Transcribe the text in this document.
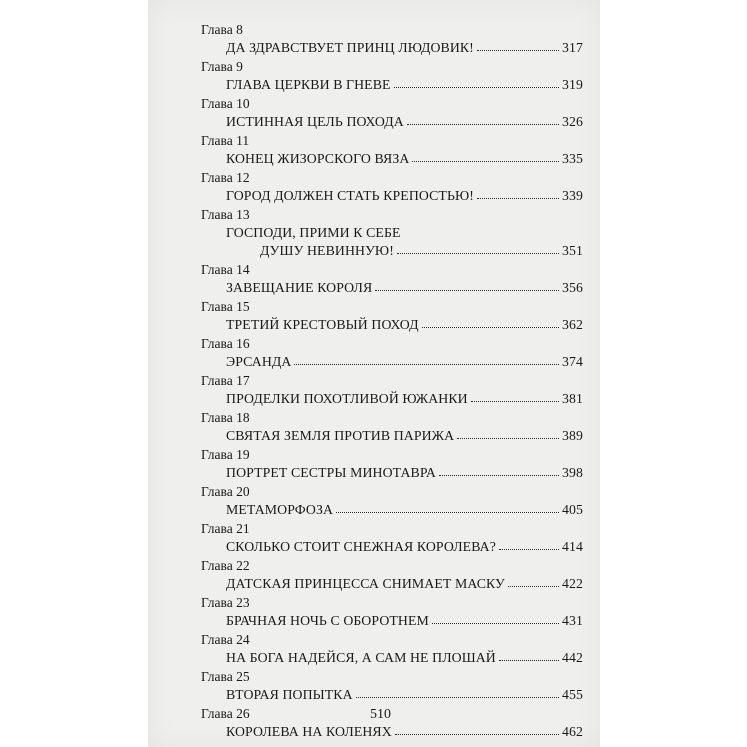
Глава 8
ДА ЗДРАВСТВУЕТ ПРИНЦ ЛЮДОВИК!	317
Глава 9
ГЛАВА ЦЕРКВИ В ГНЕВЕ	319
Глава 10
ИСТИННАЯ ЦЕЛЬ ПОХОДА	326
Глава 11
КОНЕЦ ЖИЗОРСКОГО ВЯЗА	335
Глава 12
ГОРОД ДОЛЖЕН СТАТЬ КРЕПОСТЬЮ!	339
Глава 13
ГОСПОДИ, ПРИМИ К СЕБЕ
ДУШУ НЕВИННУЮ!	351
Глава 14
ЗАВЕЩАНИЕ КОРОЛЯ	356
Глава 15
ТРЕТИЙ КРЕСТОВЫЙ ПОХОД	362
Глава 16
ЭРСАНДА	374
Глава 17
ПРОДЕЛКИ ПОХОТЛИВОЙ ЮЖАНКИ	381
Глава 18
СВЯТАЯ ЗЕМЛЯ ПРОТИВ ПАРИЖА	389
Глава 19
ПОРТРЕТ СЕСТРЫ МИНОТАВРА	398
Глава 20
МЕТАМОРФОЗА	405
Глава 21
СКОЛЬКО СТОИТ СНЕЖНАЯ КОРОЛЕВА?	414
Глава 22
ДАТСКАЯ ПРИНЦЕССА СНИМАЕТ МАСКУ	422
Глава 23
БРАЧНАЯ НОЧЬ С ОБОРОТНЕМ	431
Глава 24
НА БОГА НАДЕЙСЯ, А САМ НЕ ПЛОШАЙ	442
Глава 25
ВТОРАЯ ПОПЫТКА	455
Глава 26
КОРОЛЕВА НА КОЛЕНЯХ	462
510
